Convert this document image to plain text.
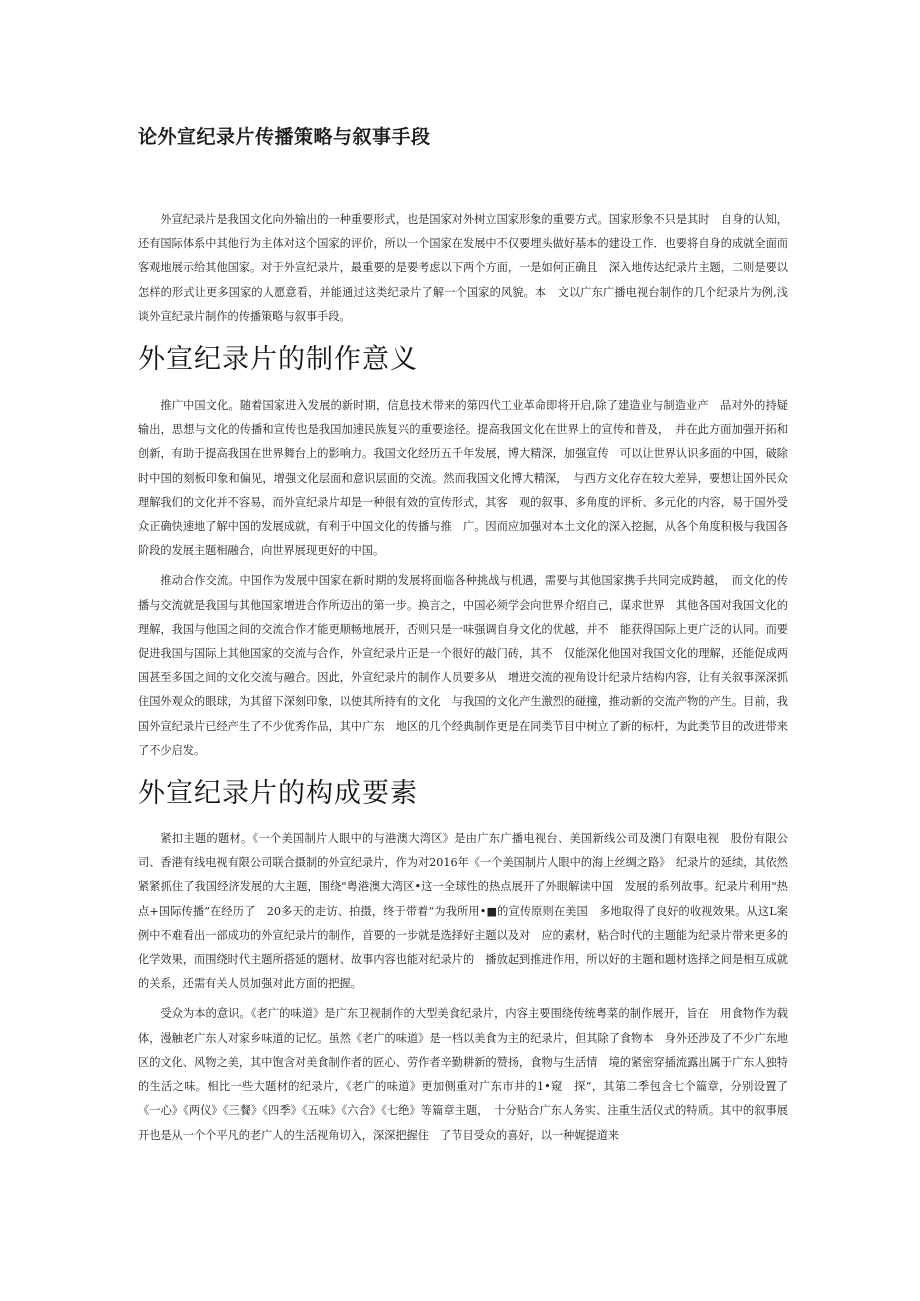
论外宣纪录片传播策略与叙事手段

外宣纪录片是我国文化向外输出的一种重要形式，也是国家对外树立国家形象的重要方式。国家形象不只是其时　自身的认知，还有国际体系中其他行为主体对这个国家的评价，所以一个国家在发展中不仅要埋头做好基本的建设工作．也要将自身的成就全面而客观地展示给其他国家。对于外宣纪录片，最重要的是要考虑以下两个方面，一是如何正确且　深入地传达纪录片主题，二则是要以怎样的形式让更多国家的人愿意看，并能通过这类纪录片了解一个国家的风貌。本　文以广东广播电视台制作的几个纪录片为例,浅谈外宣纪录片制作的传播策略与叙事手段。

外宣纪录片的制作意义

推广中国文化。随着国家进入发展的新时期，信息技术带来的第四代工业革命即将开启,除了建造业与制造业产　品对外的持疑输出，思想与文化的传播和宣传也是我国加速民族复兴的重要途径。提高我国文化在世界上的宣传和普及，　并在此方面加强开拓和创新，有助于提高我国在世界舞台上的影响力。我国文化经历五千年发展，博大精深，加强宣传　可以让世界认识多面的中国，破除时中国的刻板印象和偏见，增强文化层面和意识层面的交流。然而我国文化博大精深，　与西方文化存在较大差异，要想让国外民众理解我们的文化并不容易，而外宣纪录片却是一种很有效的宣传形式，其客　观的叙事、多角度的评析、多元化的内容，易于国外受众正确快速地了解中国的发展成就，有利于中国文化的传播与推　广。因而应加强对本土文化的深入挖掘，从各个角度积极与我国各阶段的发展主题相融合，向世界展现更好的中国。

推动合作交流。中国作为发展中国家在新时期的发展将面临各种挑战与机遇，需要与其他国家携手共同完成跨越，　而文化的传播与交流就是我国与其他国家增进合作所迈出的第一步。换言之，中国必须学会向世界介绍自己，谋求世界　其他各国对我国文化的理解，我国与他国之间的交流合作才能更顺畅地展开，否则只是一味强调自身文化的优越，并不　能获得国际上更广泛的认同。而要促进我国与国际上其他国家的交流与合作，外宣纪录片正是一个很好的敲门砖，其不　仅能深化他国对我国文化的理解，还能促成两国甚至多国之间的文化交流与融合。因此，外宣纪录片的制作人员要多从　增进交流的视角设计纪录片结构内容，让有关叙事深深抓住国外观众的眼球，为其留下深刻印象，以使其所持有的文化　与我国的文化产生激烈的碰撞，推动新的交流产物的产生。目前，我国外宣纪录片已经产生了不少优秀作品，其中广东　地区的几个经典制作更是在同类节目中树立了新的标杆，为此类节目的改进带来了不少启发。

外宣纪录片的构成要素

紧扣主题的题材。《一个美国制片人眼中的与港澳大湾区》是由广东广播电视台、美国新线公司及澳门有限电视　股份有限公司、香港有线电视有限公司联合摄制的外宣纪录片，作为对2016年《一个美国制片人眼中的海上丝绸之路》　纪录片的延续，其依然紧紧抓住了我国经济发展的大主题，围绕"粤港澳大湾区•这一全球性的热点展开了外眼解读中国　发展的系列故事。纪录片利用"热点+国际传播”在经历了　20多天的走访、拍摄，终于带着“为我所用•■的宣传原则在美国　多地取得了良好的收视效果。从这L案例中不难看出一部成功的外宣纪录片的制作，首要的一步就是选择好主题以及对　应的素材，粘合时代的主题能为纪录片带来更多的化学效果，而围绕时代主题所搭延的题材、故事内容也能对纪录片的　播放起到推进作用，所以好的主题和题材选择之间是相互成就的关系，还需有关人员加强对此方面的把握。

受众为本的意识。《老广的味道》是广东卫视制作的大型美食纪录片，内容主要围绕传统粤菜的制作展开，旨在　用食物作为载体，漫触老广东人对家乡味道的记忆。虽然《老广的味道》是一档以美食为主的纪录片，但其除了食物本　身外还涉及了不少广东地区的文化、风物之美，其中饱含对美食制作者的匠心、劳作者辛勤耕新的赞扬，食物与生活情　境的紧密穿插流露出属于广东人独特的生活之味。相比一些大题材的纪录片，《老广的味道》更加侧重对广东市井的1•窥　探”，其第二季包含七个篇章，分别设置了《一心》《两仪》《三餐》《四季》《五味》《六合》《七绝》等篇章主题，　十分贴合广东人务实、注重生活仪式的特质。其中的叙事展开也是从一个个平凡的老广人的生活视角切入，深深把握住　了节目受众的喜好，以一种娓提道来
